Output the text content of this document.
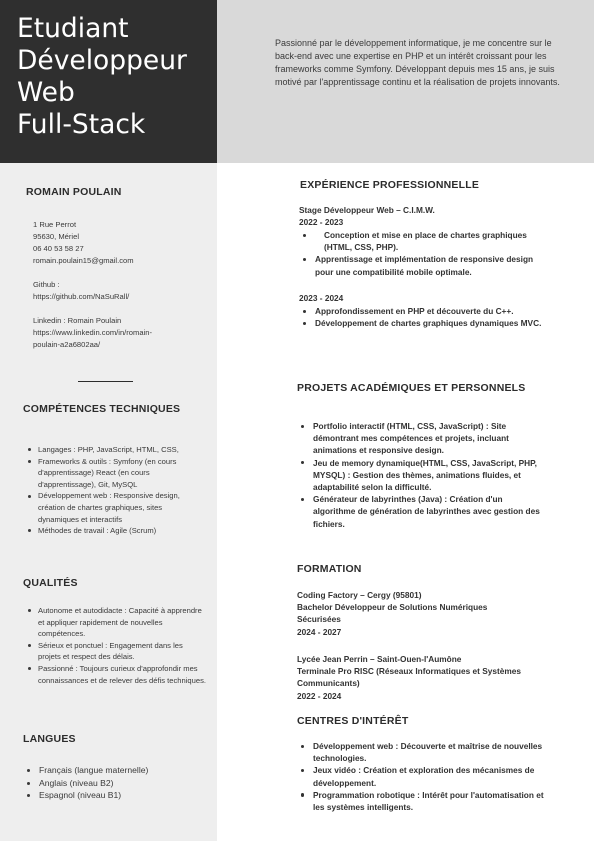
Etudiant
Développeur
Web
Full-Stack
Passionné par le développement informatique, je me concentre sur le back-end avec une expertise en PHP et un intérêt croissant pour les frameworks comme Symfony. Développant depuis mes 15 ans, je suis motivé par l'apprentissage continu et la réalisation de projets innovants.
ROMAIN POULAIN
1 Rue Perrot
95630, Mériel
06 40 53 58 27
romain.poulain15@gmail.com
Github :
https://github.com/NaSuRall/
Linkedin : Romain Poulain
https://www.linkedin.com/in/romain-
poulain-a2a6802aa/
COMPÉTENCES TECHNIQUES
Langages : PHP, JavaScript, HTML, CSS,
Frameworks & outils : Symfony (en cours d'apprentissage) React (en cours d'apprentissage), Git, MySQL
Développement web : Responsive design, création de chartes graphiques, sites dynamiques et interactifs
Méthodes de travail : Agile (Scrum)
QUALITÉS
Autonome et autodidacte : Capacité à apprendre et appliquer rapidement de nouvelles compétences.
Sérieux et ponctuel : Engagement dans les projets et respect des délais.
Passionné : Toujours curieux d'approfondir mes connaissances et de relever des défis techniques.
LANGUES
Français (langue maternelle)
Anglais (niveau B2)
Espagnol (niveau B1)
EXPÉRIENCE PROFESSIONNELLE
Stage Développeur Web – C.I.M.W.
2022 - 2023
Conception et mise en place de chartes graphiques (HTML, CSS, PHP).
Apprentissage et implémentation de responsive design pour une compatibilité mobile optimale.
2023 - 2024
Approfondissement en PHP et découverte du C++.
Développement de chartes graphiques dynamiques MVC.
PROJETS ACADÉMIQUES ET PERSONNELS
Portfolio interactif (HTML, CSS, JavaScript) : Site démontrant mes compétences et projets, incluant animations et responsive design.
Jeu de memory dynamique(HTML, CSS, JavaScript, PHP, MYSQL) : Gestion des thèmes, animations fluides, et adaptabilité selon la difficulté.
Générateur de labyrinthes (Java) : Création d'un algorithme de génération de labyrinthes avec gestion des fichiers.
FORMATION
Coding Factory – Cergy (95801)
Bachelor Développeur de Solutions Numériques Sécurisées
2024 - 2027
Lycée Jean Perrin – Saint-Ouen-l'Aumône
Terminale Pro RISC (Réseaux Informatiques et Systèmes Communicants)
2022 - 2024
CENTRES D'INTÉRÊT
Développement web : Découverte et maîtrise de nouvelles technologies.
Jeux vidéo : Création et exploration des mécanismes de développement.
Programmation robotique : Intérêt pour l'automatisation et les systèmes intelligents.
